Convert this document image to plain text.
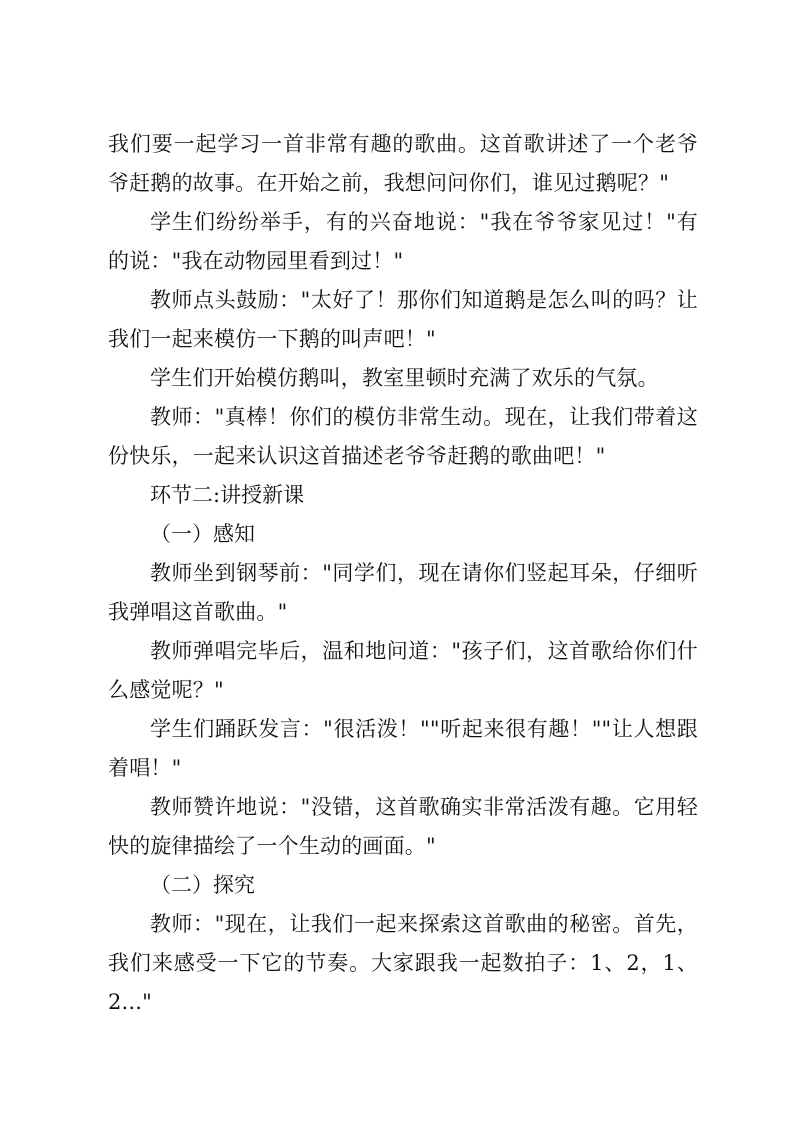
我们要一起学习一首非常有趣的歌曲。这首歌讲述了一个老爷爷赶鹅的故事。在开始之前，我想问问你们，谁见过鹅呢？"

学生们纷纷举手，有的兴奋地说："我在爷爷家见过！"有的说："我在动物园里看到过！"

教师点头鼓励："太好了！那你们知道鹅是怎么叫的吗？让我们一起来模仿一下鹅的叫声吧！"

学生们开始模仿鹅叫，教室里顿时充满了欢乐的气氛。

教师："真棒！你们的模仿非常生动。现在，让我们带着这份快乐，一起来认识这首描述老爷爷赶鹅的歌曲吧！"

环节二:讲授新课

（一）感知

教师坐到钢琴前："同学们，现在请你们竖起耳朵，仔细听我弹唱这首歌曲。"

教师弹唱完毕后，温和地问道："孩子们，这首歌给你们什么感觉呢？"

学生们踊跃发言："很活泼！""听起来很有趣！""让人想跟着唱！"

教师赞许地说："没错，这首歌确实非常活泼有趣。它用轻快的旋律描绘了一个生动的画面。"

（二）探究

教师："现在，让我们一起来探索这首歌曲的秘密。首先，我们来感受一下它的节奏。大家跟我一起数拍子：1、2，1、2..."
